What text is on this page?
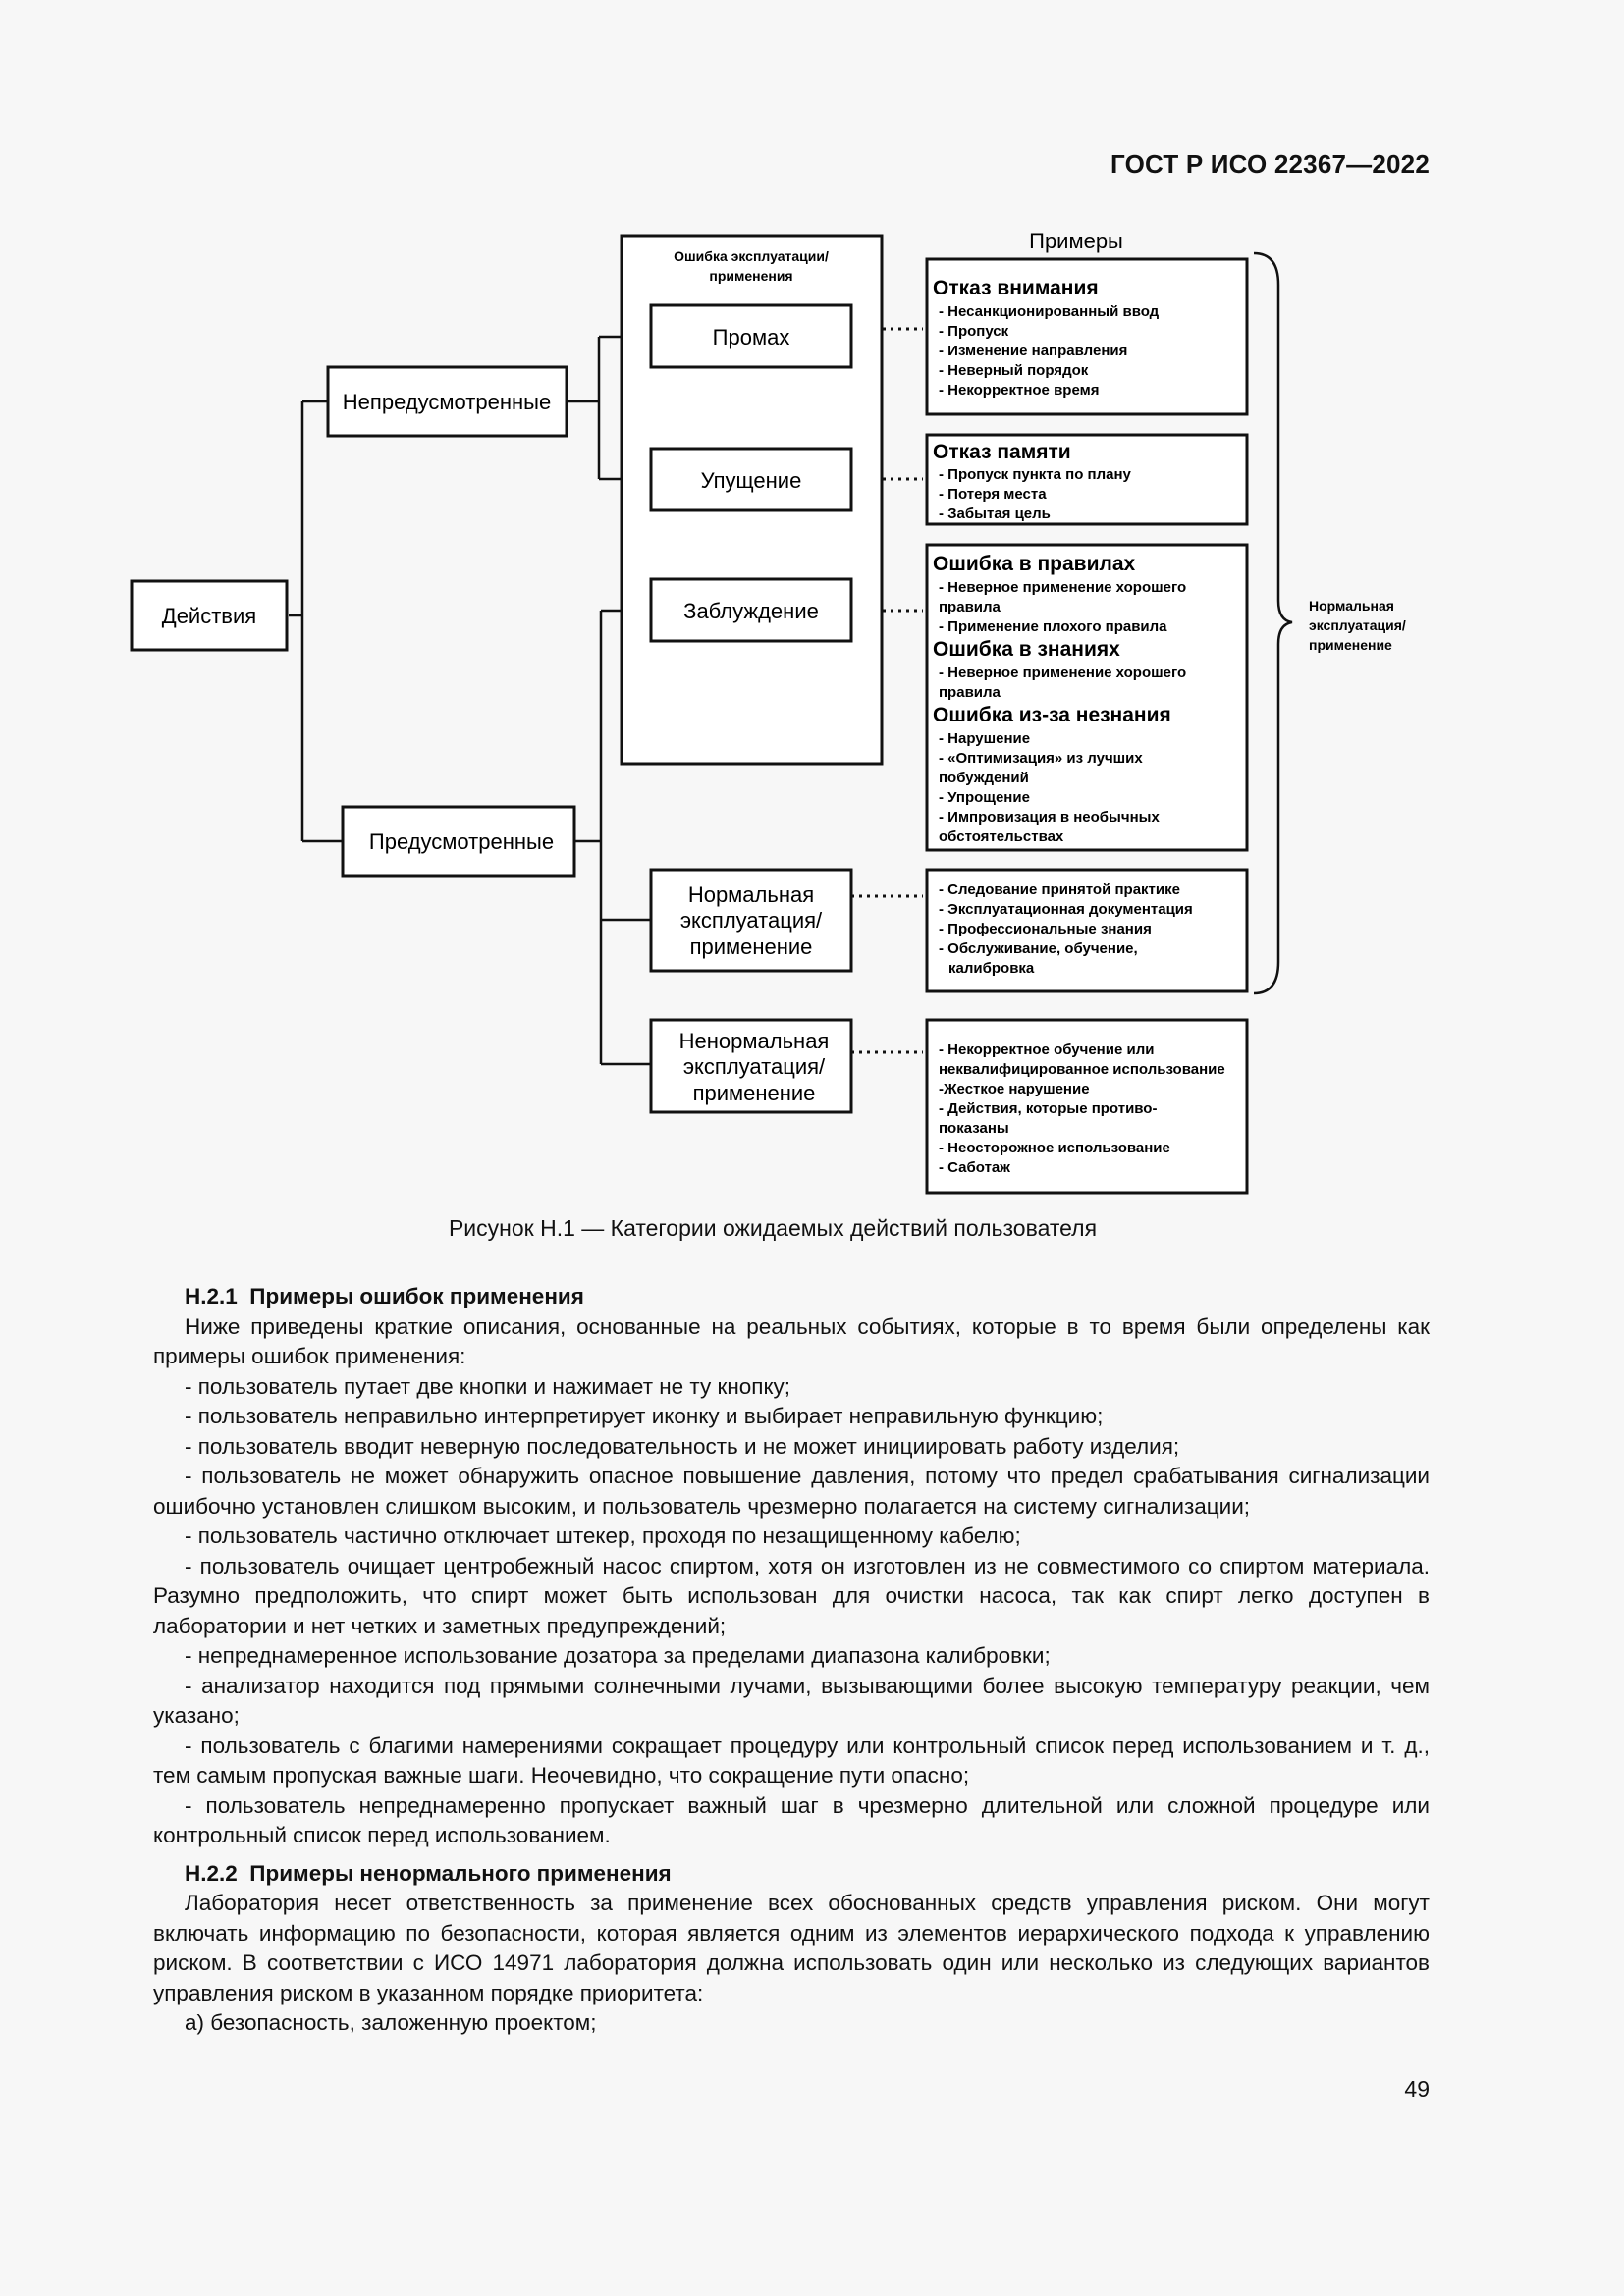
ГОСТ Р ИСО 22367—2022
Ошибка эксплуатации/
применения
Действия
Непредусмотренные
Предусмотренные
Промах
Упущение
Заблуждение
Нормальная
эксплуатация/
применение
Ненормальная
эксплуатация/
применение
Примеры
Отказ внимания
- Несанкционированный ввод
- Пропуск
- Изменение направления
- Неверный порядок
- Некорректное время
Отказ памяти
- Пропуск пункта по плану
- Потеря места
- Забытая цель
Ошибка в правилах
- Неверное применение хорошего
правила
- Применение плохого правила
Ошибка в знаниях
- Неверное применение хорошего
правила
Ошибка из-за незнания
- Нарушение
- «Оптимизация» из лучших
побуждений
- Упрощение
- Импровизация в необычных
обстоятельствах
- Следование принятой практике
- Эксплуатационная документация
- Профессиональные знания
- Обслуживание, обучение,
калибровка
- Некорректное обучение или
неквалифицированное использование
-Жесткое нарушение
- Действия, которые противо-
показаны
- Неосторожное использование
- Саботаж
Нормальная
эксплуатация/
применение
Рисунок Н.1 — Категории ожидаемых действий пользователя

Н.2.1 Примеры ошибок применения

Ниже приведены краткие описания, основанные на реальных событиях, которые в то время были определены как примеры ошибок применения:

- пользователь путает две кнопки и нажимает не ту кнопку;

- пользователь неправильно интерпретирует иконку и выбирает неправильную функцию;

- пользователь вводит неверную последовательность и не может инициировать работу изделия;

- пользователь не может обнаружить опасное повышение давления, потому что предел срабатывания сигнализации ошибочно установлен слишком высоким, и пользователь чрезмерно полагается на систему сигнализации;

- пользователь частично отключает штекер, проходя по незащищенному кабелю;

- пользователь очищает центробежный насос спиртом, хотя он изготовлен из не совместимого со спиртом материала. Разумно предположить, что спирт может быть использован для очистки насоса, так как спирт легко доступен в лаборатории и нет четких и заметных предупреждений;

- непреднамеренное использование дозатора за пределами диапазона калибровки;

- анализатор находится под прямыми солнечными лучами, вызывающими более высокую температуру реакции, чем указано;

- пользователь с благими намерениями сокращает процедуру или контрольный список перед использованием и т. д., тем самым пропуская важные шаги. Неочевидно, что сокращение пути опасно;

- пользователь непреднамеренно пропускает важный шаг в чрезмерно длительной или сложной процедуре или контрольный список перед использованием.

Н.2.2 Примеры ненормального применения

Лаборатория несет ответственность за применение всех обоснованных средств управления риском. Они могут включать информацию по безопасности, которая является одним из элементов иерархического подхода к управлению риском. В соответствии с ИСО 14971 лаборатория должна использовать один или несколько из следующих вариантов управления риском в указанном порядке приоритета:

а) безопасность, заложенную проектом;

49
